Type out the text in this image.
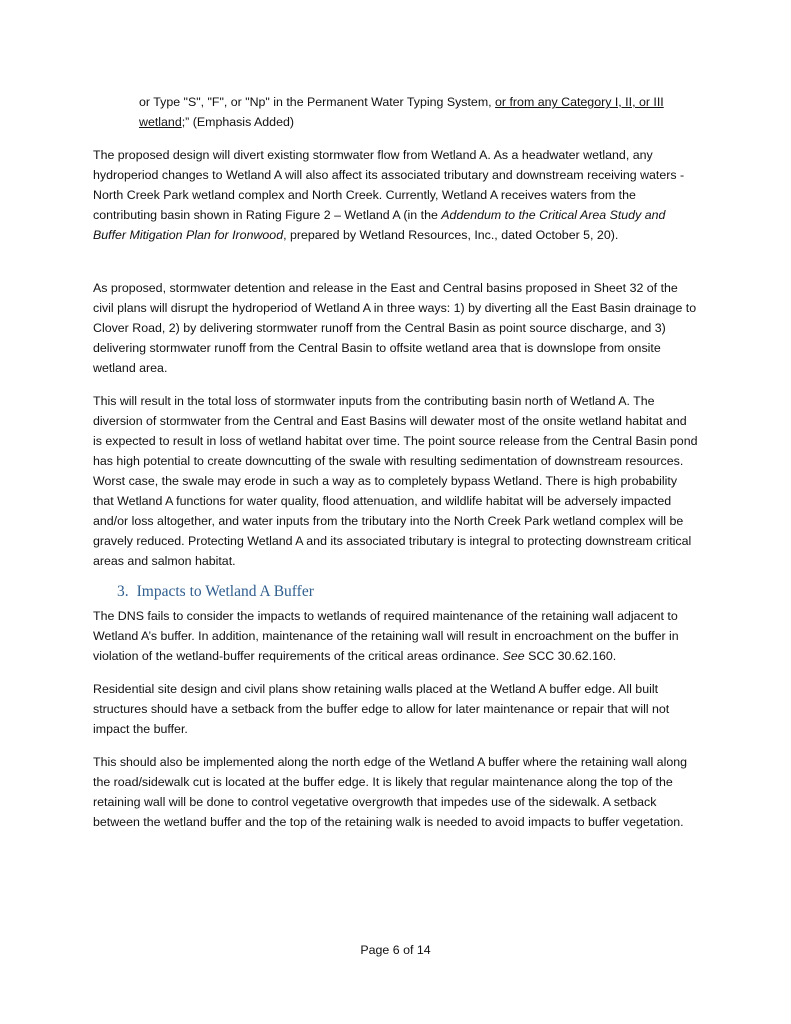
or Type "S", "F", or "Np" in the Permanent Water Typing System, or from any Category I, II, or III wetland;” (Emphasis Added)

The proposed design will divert existing stormwater flow from Wetland A. As a headwater wetland, any hydroperiod changes to Wetland A will also affect its associated tributary and downstream receiving waters - North Creek Park wetland complex and North Creek. Currently, Wetland A receives waters from the contributing basin shown in Rating Figure 2 – Wetland A (in the Addendum to the Critical Area Study and Buffer Mitigation Plan for Ironwood, prepared by Wetland Resources, Inc., dated October 5, 20).

As proposed, stormwater detention and release in the East and Central basins proposed in Sheet 32 of the civil plans will disrupt the hydroperiod of Wetland A in three ways: 1) by diverting all the East Basin drainage to Clover Road, 2) by delivering stormwater runoff from the Central Basin as point source discharge, and 3) delivering stormwater runoff from the Central Basin to offsite wetland area that is downslope from onsite wetland area.

This will result in the total loss of stormwater inputs from the contributing basin north of Wetland A. The diversion of stormwater from the Central and East Basins will dewater most of the onsite wetland habitat and is expected to result in loss of wetland habitat over time. The point source release from the Central Basin pond has high potential to create downcutting of the swale with resulting sedimentation of downstream resources. Worst case, the swale may erode in such a way as to completely bypass Wetland. There is high probability that Wetland A functions for water quality, flood attenuation, and wildlife habitat will be adversely impacted and/or loss altogether, and water inputs from the tributary into the North Creek Park wetland complex will be gravely reduced. Protecting Wetland A and its associated tributary is integral to protecting downstream critical areas and salmon habitat.

3. Impacts to Wetland A Buffer

The DNS fails to consider the impacts to wetlands of required maintenance of the retaining wall adjacent to Wetland A’s buffer. In addition, maintenance of the retaining wall will result in encroachment on the buffer in violation of the wetland-buffer requirements of the critical areas ordinance. See SCC 30.62.160.

Residential site design and civil plans show retaining walls placed at the Wetland A buffer edge. All built structures should have a setback from the buffer edge to allow for later maintenance or repair that will not impact the buffer.

This should also be implemented along the north edge of the Wetland A buffer where the retaining wall along the road/sidewalk cut is located at the buffer edge. It is likely that regular maintenance along the top of the retaining wall will be done to control vegetative overgrowth that impedes use of the sidewalk. A setback between the wetland buffer and the top of the retaining walk is needed to avoid impacts to buffer vegetation.

Page 6 of 14
